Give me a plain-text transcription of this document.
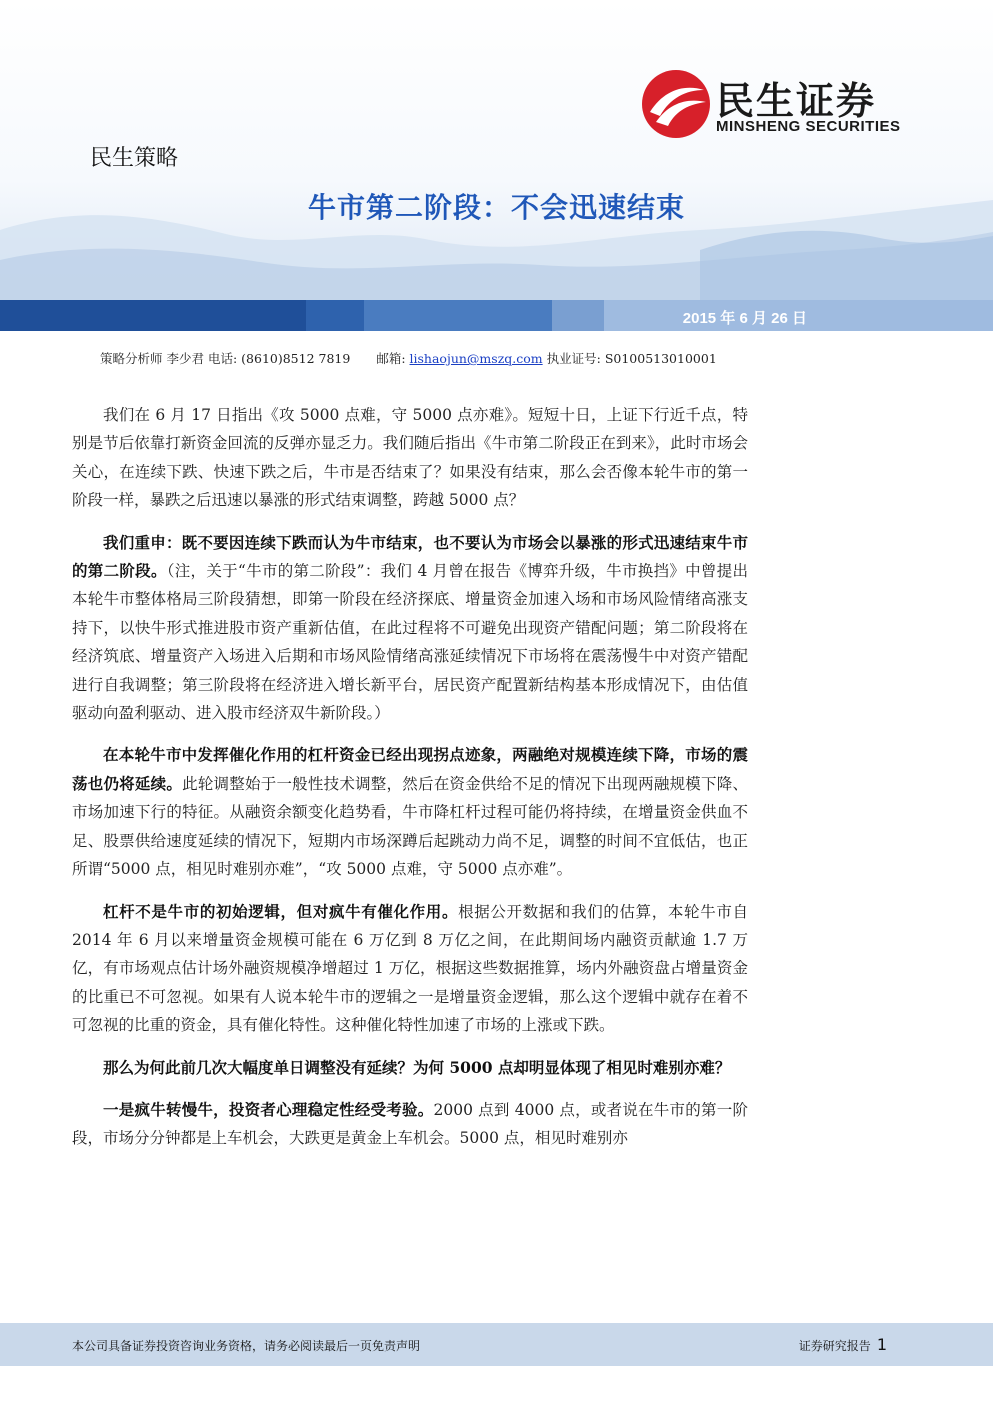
民生证券
MINSHENG SECURITIES
民生策略
牛市第二阶段：不会迅速结束
2015 年 6 月 26 日
策略分析师 李少君 电话: (8610)8512 7819 邮箱: lishaojun@mszq.com 执业证号: S0100513010001

我们在 6 月 17 日指出《攻 5000 点难，守 5000 点亦难》。短短十日，上证下行近千点，特别是节后依靠打新资金回流的反弹亦显乏力。我们随后指出《牛市第二阶段正在到来》，此时市场会关心，在连续下跌、快速下跌之后，牛市是否结束了？如果没有结束，那么会否像本轮牛市的第一阶段一样，暴跌之后迅速以暴涨的形式结束调整，跨越 5000 点？

我们重申：既不要因连续下跌而认为牛市结束，也不要认为市场会以暴涨的形式迅速结束牛市的第二阶段。（注，关于“牛市的第二阶段”：我们 4 月曾在报告《博弈升级，牛市换挡》中曾提出本轮牛市整体格局三阶段猜想，即第一阶段在经济探底、增量资金加速入场和市场风险情绪高涨支持下，以快牛形式推进股市资产重新估值，在此过程将不可避免出现资产错配问题；第二阶段将在经济筑底、增量资产入场进入后期和市场风险情绪高涨延续情况下市场将在震荡慢牛中对资产错配进行自我调整；第三阶段将在经济进入增长新平台，居民资产配置新结构基本形成情况下，由估值驱动向盈利驱动、进入股市经济双牛新阶段。）

在本轮牛市中发挥催化作用的杠杆资金已经出现拐点迹象，两融绝对规模连续下降，市场的震荡也仍将延续。此轮调整始于一般性技术调整，然后在资金供给不足的情况下出现两融规模下降、市场加速下行的特征。从融资余额变化趋势看，牛市降杠杆过程可能仍将持续，在增量资金供血不足、股票供给速度延续的情况下，短期内市场深蹲后起跳动力尚不足，调整的时间不宜低估，也正所谓“5000 点，相见时难别亦难”，“攻 5000 点难，守 5000 点亦难”。

杠杆不是牛市的初始逻辑，但对疯牛有催化作用。根据公开数据和我们的估算，本轮牛市自 2014 年 6 月以来增量资金规模可能在 6 万亿到 8 万亿之间，在此期间场内融资贡献逾 1.7 万亿，有市场观点估计场外融资规模净增超过 1 万亿，根据这些数据推算，场内外融资盘占增量资金的比重已不可忽视。如果有人说本轮牛市的逻辑之一是增量资金逻辑，那么这个逻辑中就存在着不可忽视的比重的资金，具有催化特性。这种催化特性加速了市场的上涨或下跌。

那么为何此前几次大幅度单日调整没有延续？为何 5000 点却明显体现了相见时难别亦难？

一是疯牛转慢牛，投资者心理稳定性经受考验。2000 点到 4000 点，或者说在牛市的第一阶段，市场分分钟都是上车机会，大跌更是黄金上车机会。5000 点，相见时难别亦

本公司具备证券投资咨询业务资格，请务必阅读最后一页免责声明	证券研究报告 1
